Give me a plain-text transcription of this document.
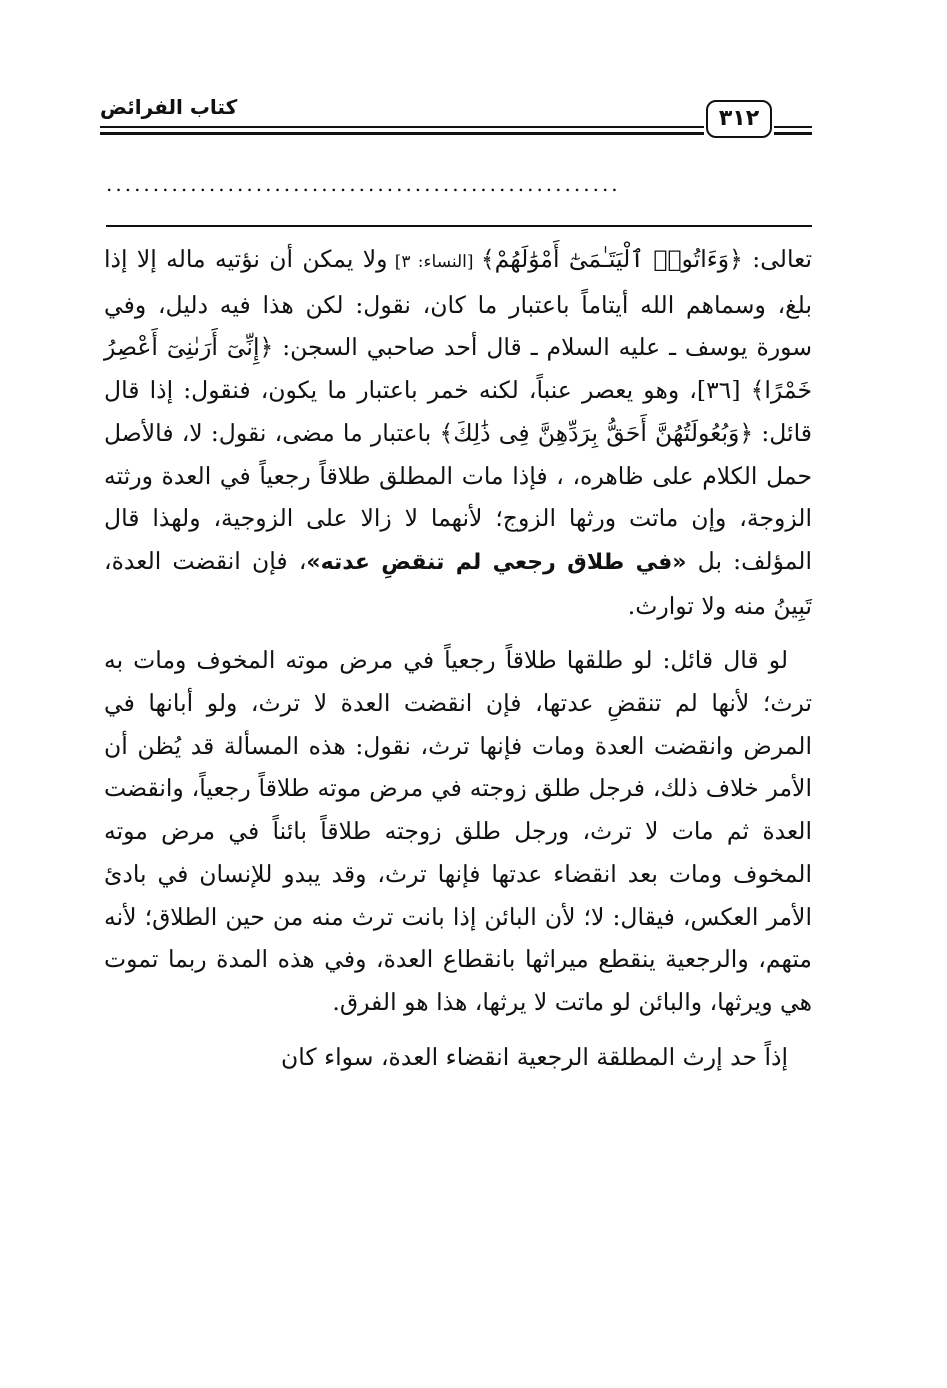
كتاب الفرائض	٣١٢
.......................................................

تعالى: ﴿وَءَاتُوا۟ ٱلْيَتَـٰمَىٰٓ أَمْوَٰلَهُمْ﴾ [النساء: ٣] ولا يمكن أن نؤتيه ماله إلا إذا بلغ، وسماهم الله أيتاماً باعتبار ما كان، نقول: لكن هذا فيه دليل، وفي سورة يوسف ـ عليه السلام ـ قال أحد صاحبي السجن: ﴿إِنِّىٓ أَرَىٰنِىٓ أَعْصِرُ خَمْرًا﴾ [٣٦]، وهو يعصر عنباً، لكنه خمر باعتبار ما يكون، فنقول: إذا قال قائل: ﴿وَبُعُولَتُهُنَّ أَحَقُّ بِرَدِّهِنَّ فِى ذَٰلِكَ﴾ باعتبار ما مضى، نقول: لا، فالأصل حمل الكلام على ظاهره، ، فإذا مات المطلق طلاقاً رجعياً في العدة ورثته الزوجة، وإن ماتت ورثها الزوج؛ لأنهما لا زالا على الزوجية، ولهذا قال المؤلف: بل «في طلاق رجعي لم تنقضِ عدته»، فإن انقضت العدة، تَبِينُ منه ولا توارث.

لو قال قائل: لو طلقها طلاقاً رجعياً في مرض موته المخوف ومات به ترث؛ لأنها لم تنقضِ عدتها، فإن انقضت العدة لا ترث، ولو أبانها في المرض وانقضت العدة ومات فإنها ترث، نقول: هذه المسألة قد يُظن أن الأمر خلاف ذلك، فرجل طلق زوجته في مرض موته طلاقاً رجعياً، وانقضت العدة ثم مات لا ترث، ورجل طلق زوجته طلاقاً بائناً في مرض موته المخوف ومات بعد انقضاء عدتها فإنها ترث، وقد يبدو للإنسان في بادئ الأمر العكس، فيقال: لا؛ لأن البائن إذا بانت ترث منه من حين الطلاق؛ لأنه متهم، والرجعية ينقطع ميراثها بانقطاع العدة، وفي هذه المدة ربما تموت هي ويرثها، والبائن لو ماتت لا يرثها، هذا هو الفرق.

إذاً حد إرث المطلقة الرجعية انقضاء العدة، سواء كان
